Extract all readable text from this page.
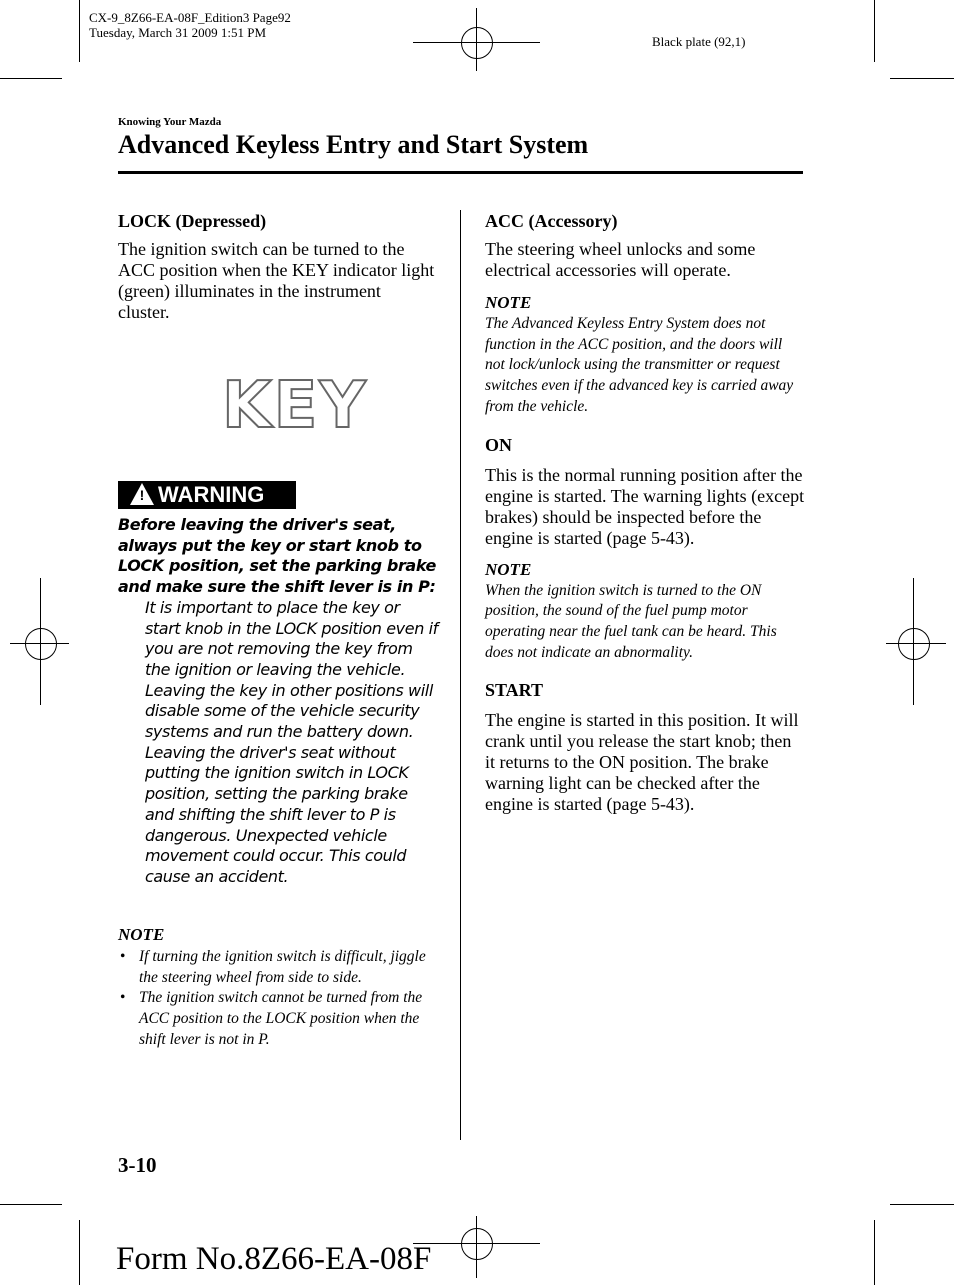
CX-9_8Z66-EA-08F_Edition3 Page92
Tuesday, March 31 2009 1:51 PM
Black plate (92,1)
Knowing Your Mazda
Advanced Keyless Entry and Start System
LOCK (Depressed)

The ignition switch can be turned to the ACC position when the KEY indicator light (green) illuminates in the instrument cluster.

KEY
! WARNING
Before leaving the driver's seat, always put the key or start knob to LOCK position, set the parking brake and make sure the shift lever is in P:
It is important to place the key or start knob in the LOCK position even if you are not removing the key from the ignition or leaving the vehicle. Leaving the key in other positions will disable some of the vehicle security systems and run the battery down.
Leaving the driver's seat without putting the ignition switch in LOCK position, setting the parking brake and shifting the shift lever to P is dangerous. Unexpected vehicle movement could occur. This could cause an accident.
NOTE
• If turning the ignition switch is difficult, jiggle the steering wheel from side to side.
• The ignition switch cannot be turned from the ACC position to the LOCK position when the shift lever is not in P.
ACC (Accessory)

The steering wheel unlocks and some electrical accessories will operate.

NOTE
The Advanced Keyless Entry System does not function in the ACC position, and the doors will not lock/unlock using the transmitter or request switches even if the advanced key is carried away from the vehicle.
ON

This is the normal running position after the engine is started. The warning lights (except brakes) should be inspected before the engine is started (page 5-43).

NOTE
When the ignition switch is turned to the ON position, the sound of the fuel pump motor operating near the fuel tank can be heard. This does not indicate an abnormality.
START

The engine is started in this position. It will crank until you release the start knob; then it returns to the ON position. The brake warning light can be checked after the engine is started (page 5-43).

3-10
Form No.8Z66-EA-08F
